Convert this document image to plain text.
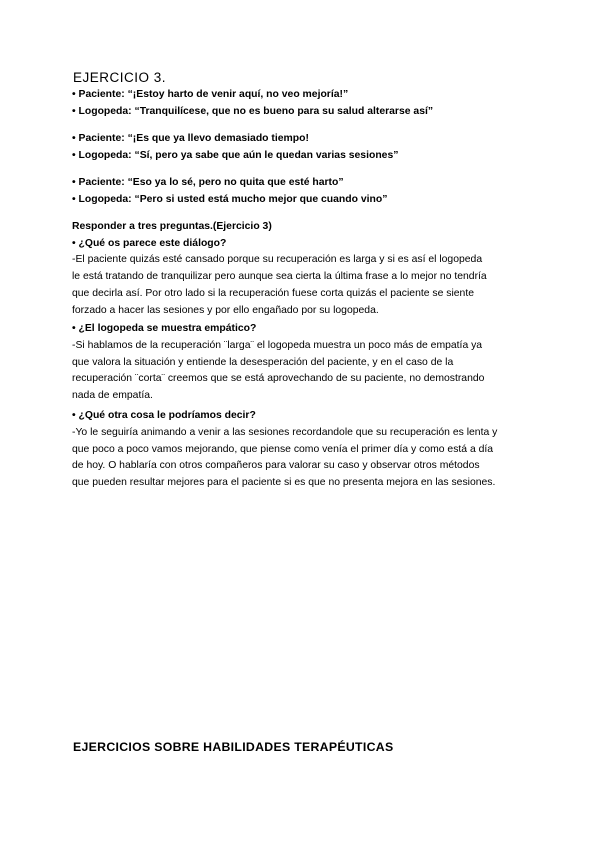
EJERCICIO 3.
• Paciente: “¡Estoy harto de venir aquí, no veo mejoría!”
• Logopeda: “Tranquilícese, que no es bueno para su salud alterarse así”
• Paciente: “¡Es que ya llevo demasiado tiempo!
• Logopeda: “Sí, pero ya sabe que aún le quedan varias sesiones”
• Paciente: “Eso ya lo sé, pero no quita que esté harto”
• Logopeda: “Pero si usted está mucho mejor que cuando vino”
Responder a tres preguntas.(Ejercicio 3)
• ¿Qué os parece este diálogo?
-El paciente quizás esté cansado porque su recuperación es larga y si es así el logopeda
le está tratando de tranquilizar pero aunque sea cierta la última frase a lo mejor no tendría
que decirla así. Por otro lado si la recuperación fuese corta quizás el paciente se siente
forzado a hacer las sesiones y por ello engañado por su logopeda.
• ¿El logopeda se muestra empático?
-Si hablamos de la recuperación ¨larga¨ el logopeda muestra un poco más de empatía ya
que valora la situación y entiende la desesperación del paciente, y en el caso de la
recuperación ¨corta¨ creemos que se está aprovechando de su paciente, no demostrando
nada de empatía.
• ¿Qué otra cosa le podríamos decir?
-Yo le seguiría animando a venir a las sesiones recordandole que su recuperación es lenta y
que poco a poco vamos mejorando, que piense como venía el primer día y como está a día
de hoy. O hablaría con otros compañeros para valorar su caso y observar otros métodos
que pueden resultar mejores para el paciente si es que no presenta mejora en las sesiones.
EJERCICIOS SOBRE HABILIDADES TERAPÉUTICAS
